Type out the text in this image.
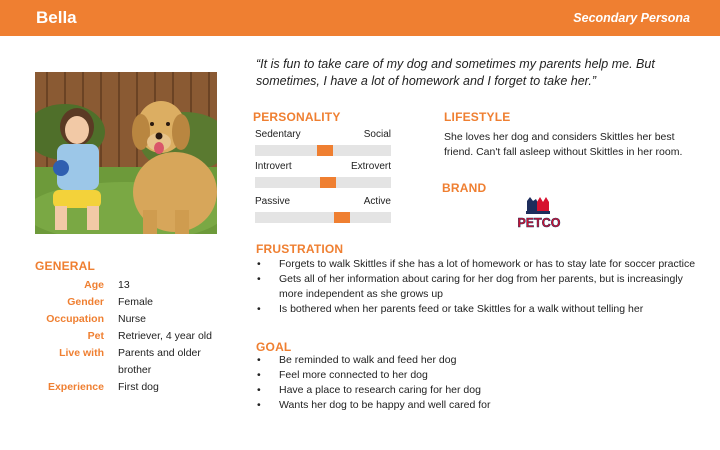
Bella	Secondary Persona
“It is fun to take care of my dog and sometimes my parents help me. But sometimes, I have a lot of homework and I forget to take her.”
PERSONALITY
Sedentary	Social
Introvert	Extrovert
Passive	Active
LIFESTYLE
She loves her dog and considers Skittles her best friend. Can't fall asleep without Skittles in her room.
BRAND
PETCO
FRUSTRATION
• Forgets to walk Skittles if she has a lot of homework or has to stay late for soccer practice
• Gets all of her information about caring for her dog from her parents, but is increasingly more independent as she grows up
• Is bothered when her parents feed or take Skittles for a walk without telling her
GOAL
• Be reminded to walk and feed her dog
• Feel more connected to her dog
• Have a place to research caring for her dog
• Wants her dog to be happy and well cared for
GENERAL
Age 13
Gender Female
Occupation Nurse
Pet Retriever, 4 year old
Live with Parents and older brother
Experience First dog
